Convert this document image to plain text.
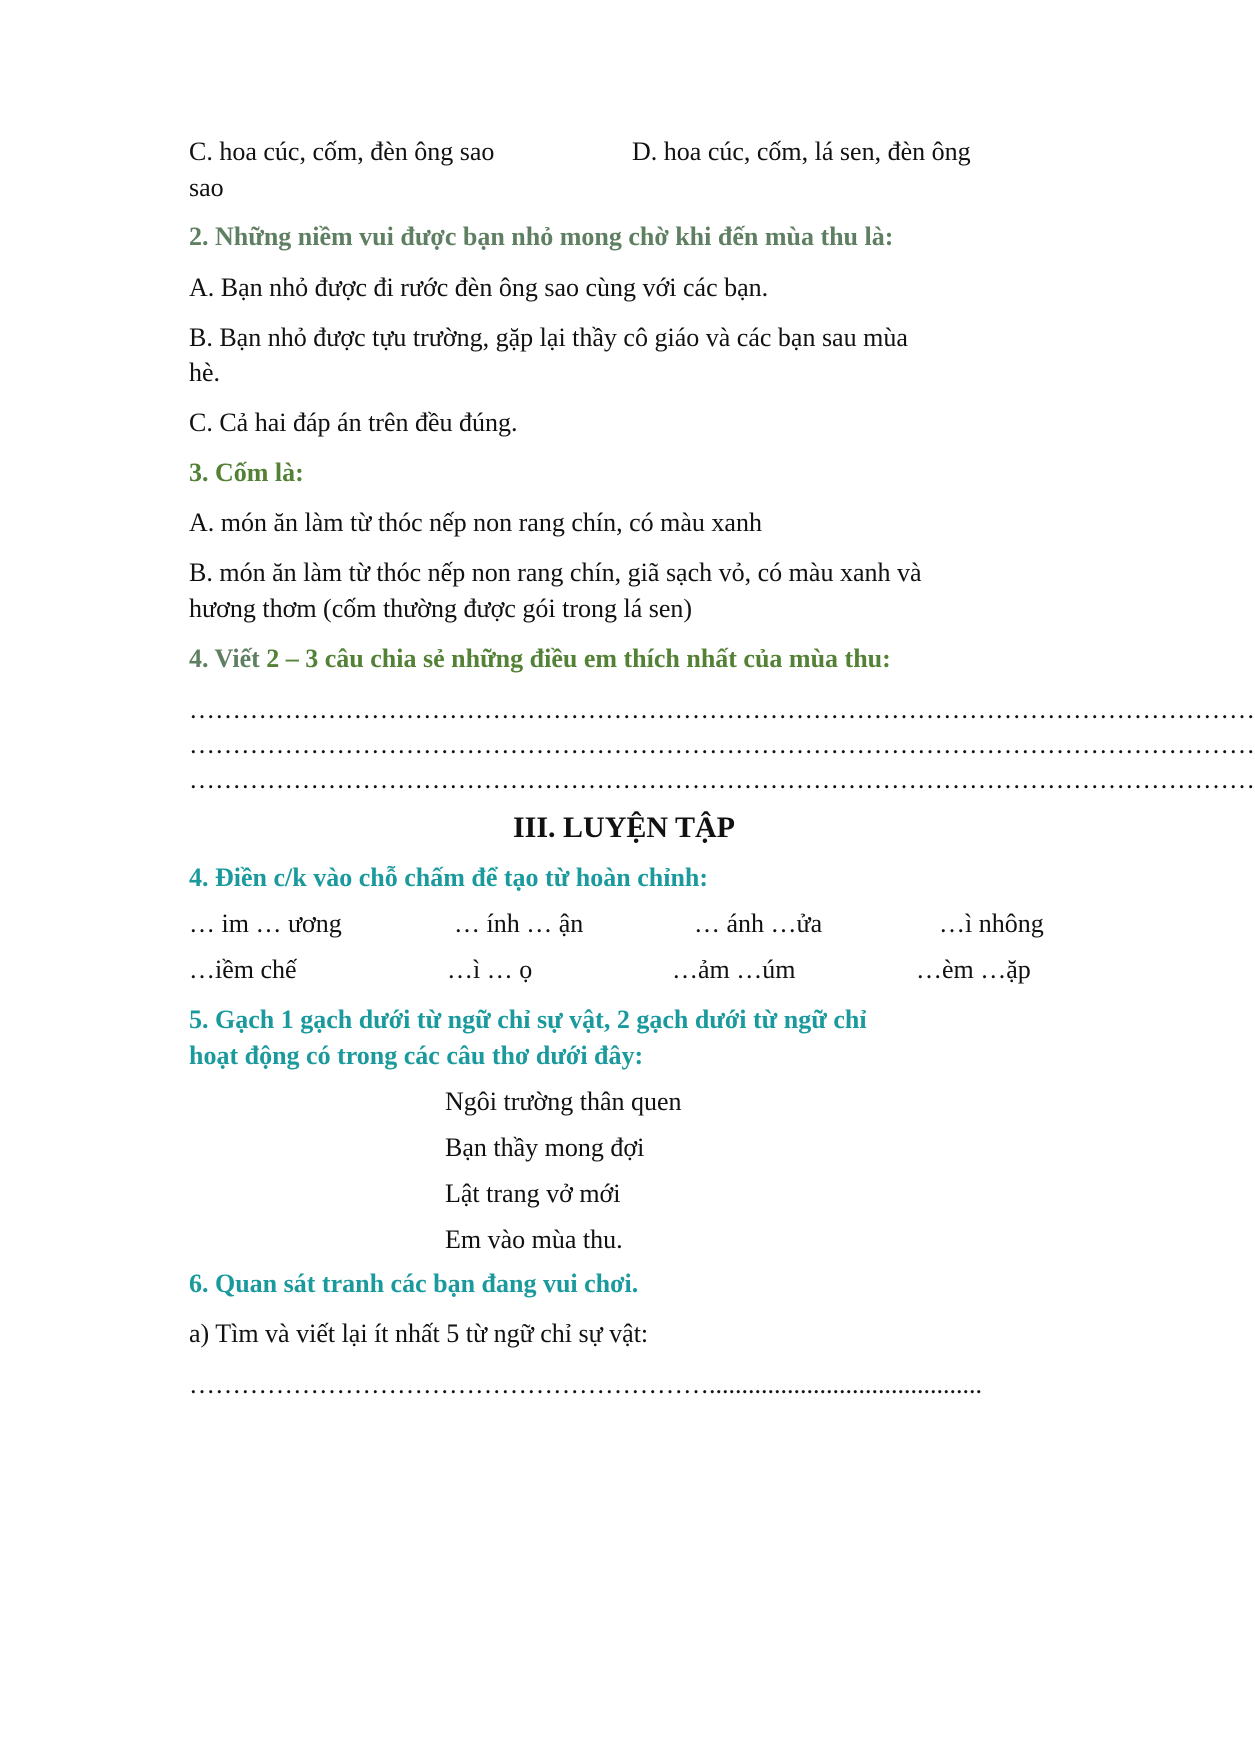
C. hoa cúc, cốm, đèn ông sao	D. hoa cúc, cốm, lá sen, đèn ông
sao
2. Những niềm vui được bạn nhỏ mong chờ khi đến mùa thu là:
A. Bạn nhỏ được đi rước đèn ông sao cùng với các bạn.
B. Bạn nhỏ được tựu trường, gặp lại thầy cô giáo và các bạn sau mùa
hè.
C. Cả hai đáp án trên đều đúng.
3. Cốm là:
A. món ăn làm từ thóc nếp non rang chín, có màu xanh
B. món ăn làm từ thóc nếp non rang chín, giã sạch vỏ, có màu xanh và
hương thơm (cốm thường được gói trong lá sen)
4. Viết 2 – 3 câu chia sẻ những điều em thích nhất của mùa thu:
……………………………………………………………………………………………………………
……………………………………………………………………………………………………………
……………………………………………………………………………………………………………
III. LUYỆN TẬP
4. Điền c/k vào chỗ chấm để tạo từ hoàn chỉnh:
… im … ương	… ính … ận	… ánh …ửa	…ì nhông
…iềm chế	…ì … ọ	…ảm …úm	…èm …ặp
5. Gạch 1 gạch dưới từ ngữ chỉ sự vật, 2 gạch dưới từ ngữ chỉ
hoạt động có trong các câu thơ dưới đây:
Ngôi trường thân quen
Bạn thầy mong đợi
Lật trang vở mới
Em vào mùa thu.
6. Quan sát tranh các bạn đang vui chơi.
a) Tìm và viết lại ít nhất 5 từ ngữ chỉ sự vật:
……………………………………………………..........................................
